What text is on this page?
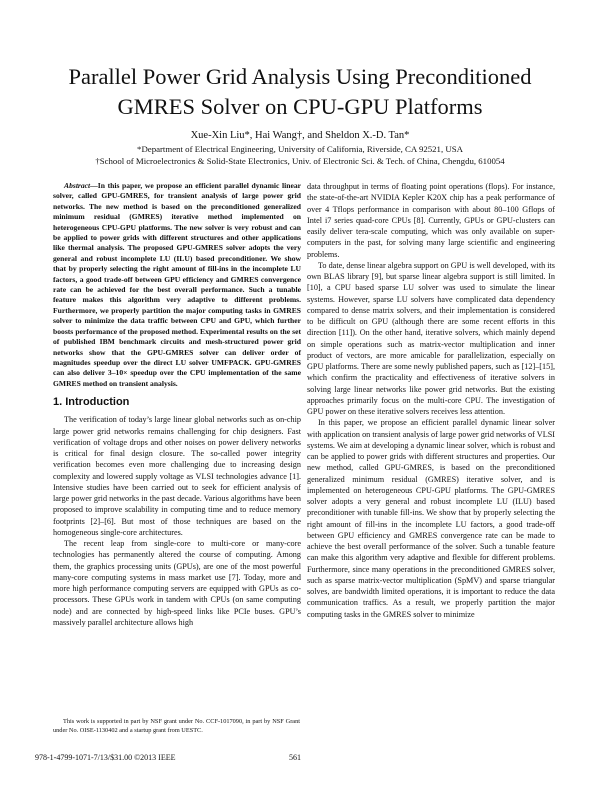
Parallel Power Grid Analysis Using Preconditioned GMRES Solver on CPU-GPU Platforms
Xue-Xin Liu*, Hai Wang†, and Sheldon X.-D. Tan*
*Department of Electrical Engineering, University of California, Riverside, CA 92521, USA
†School of Microelectronics & Solid-State Electronics, Univ. of Electronic Sci. & Tech. of China, Chengdu, 610054

Abstract—In this paper, we propose an efficient parallel dynamic linear solver, called GPU-GMRES, for transient analysis of large power grid networks. The new method is based on the preconditioned generalized minimum residual (GMRES) iterative method implemented on heterogeneous CPU-GPU platforms. The new solver is very robust and can be applied to power grids with different structures and other applications like thermal analysis. The proposed GPU-GMRES solver adopts the very general and robust incomplete LU (ILU) based preconditioner. We show that by properly selecting the right amount of fill-ins in the incomplete LU factors, a good trade-off between GPU efficiency and GMRES convergence rate can be achieved for the best overall performance. Such a tunable feature makes this algorithm very adaptive to different problems. Furthermore, we properly partition the major computing tasks in GMRES solver to minimize the data traffic between CPU and GPU, which further boosts performance of the proposed method. Experimental results on the set of published IBM benchmark circuits and mesh-structured power grid networks show that the GPU-GMRES solver can deliver order of magnitudes speedup over the direct LU solver UMFPACK. GPU-GMRES can also deliver 3–10× speedup over the CPU implementation of the same GMRES method on transient analysis.

1. Introduction

The verification of today’s large linear global networks such as on-chip large power grid networks remains challenging for chip designers. Fast verification of voltage drops and other noises on power delivery networks is critical for final design closure. The so-called power integrity verification becomes even more challenging due to increasing design complexity and lowered supply voltage as VLSI technologies advance [1]. Intensive studies have been carried out to seek for efficient analysis of large power grid networks in the past decade. Various algorithms have been proposed to improve scalability in computing time and to reduce memory footprints [2]–[6]. But most of those techniques are based on the homogeneous single-core architectures.

The recent leap from single-core to multi-core or many-core technologies has permanently altered the course of computing. Among them, the graphics processing units (GPUs), are one of the most powerful many-core computing systems in mass market use [7]. Today, more and more high performance computing servers are equipped with GPUs as co-processors. These GPUs work in tandem with CPUs (on same computing node) and are connected by high-speed links like PCIe buses. GPU’s massively parallel architecture allows high

This work is supported in part by NSF grant under No. CCF-1017090, in part by NSF Grant under No. OISE-1130402 and a startup grant from UESTC.

data throughput in terms of floating point operations (flops). For instance, the state-of-the-art NVIDIA Kepler K20X chip has a peak performance of over 4 Tflops performance in comparison with about 80–100 Gflops of Intel i7 series quad-core CPUs [8]. Currently, GPUs or GPU-clusters can easily deliver tera-scale computing, which was only available on super-computers in the past, for solving many large scientific and engineering problems.

To date, dense linear algebra support on GPU is well developed, with its own BLAS library [9], but sparse linear algebra support is still limited. In [10], a CPU based sparse LU solver was used to simulate the linear systems. However, sparse LU solvers have complicated data dependency compared to dense matrix solvers, and their implementation is considered to be difficult on GPU (although there are some recent efforts in this direction [11]). On the other hand, iterative solvers, which mainly depend on simple operations such as matrix-vector multiplication and inner product of vectors, are more amicable for parallelization, especially on GPU platforms. There are some newly published papers, such as [12]–[15], which confirm the practicality and effectiveness of iterative solvers in solving large linear networks like power grid networks. But the existing approaches primarily focus on the multi-core CPU. The investigation of GPU power on these iterative solvers receives less attention.

In this paper, we propose an efficient parallel dynamic linear solver with application on transient analysis of large power grid networks of VLSI systems. We aim at developing a dynamic linear solver, which is robust and can be applied to power grids with different structures and properties. Our new method, called GPU-GMRES, is based on the preconditioned generalized minimum residual (GMRES) iterative solver, and is implemented on heterogeneous CPU-GPU platforms. The GPU-GMRES solver adopts a very general and robust incomplete LU (ILU) based preconditioner with tunable fill-ins. We show that by properly selecting the right amount of fill-ins in the incomplete LU factors, a good trade-off between GPU efficiency and GMRES convergence rate can be made to achieve the best overall performance of the solver. Such a tunable feature can make this algorithm very adaptive and flexible for different problems. Furthermore, since many operations in the preconditioned GMRES solver, such as sparse matrix-vector multiplication (SpMV) and sparse triangular solves, are bandwidth limited operations, it is important to reduce the data communication traffics. As a result, we properly partition the major computing tasks in the GMRES solver to minimize

978-1-4799-1071-7/13/$31.00 ©2013 IEEE	561
